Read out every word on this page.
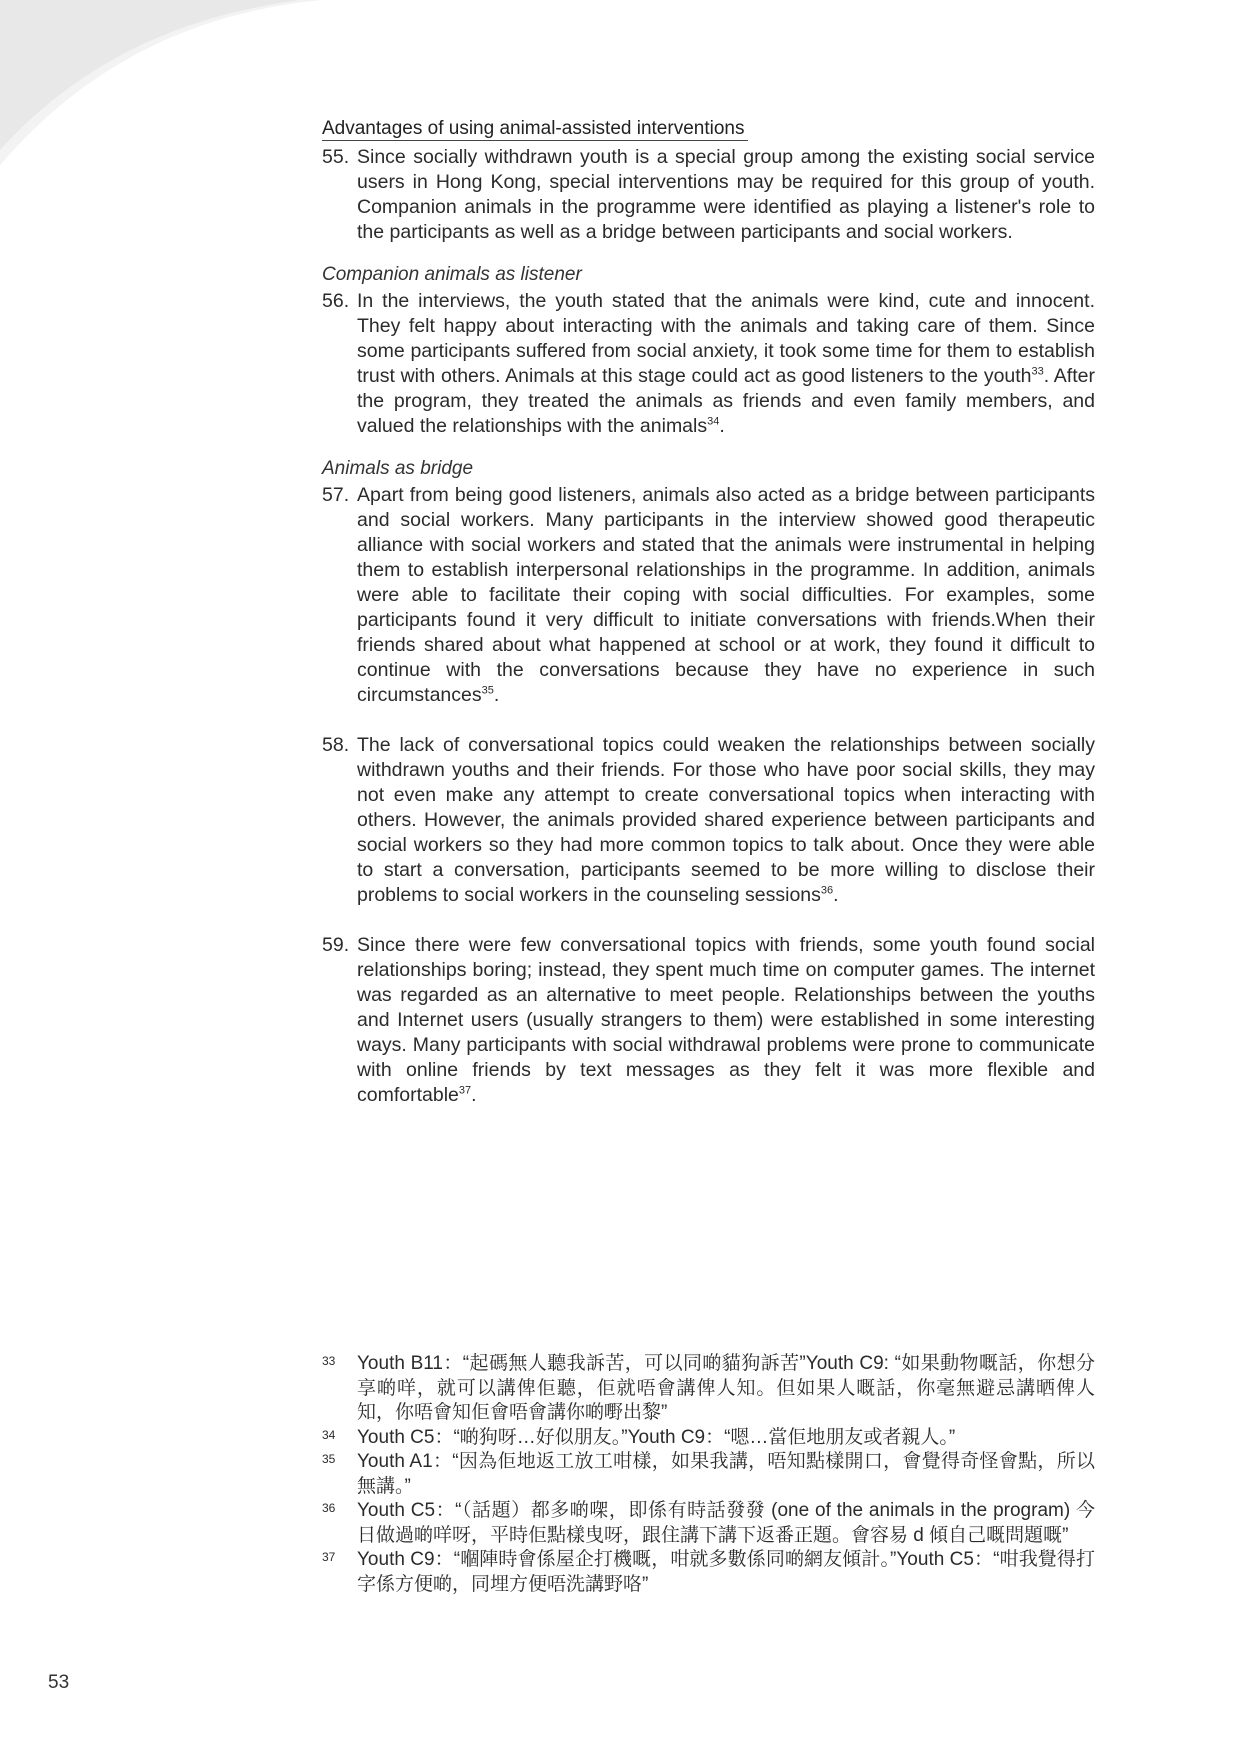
Advantages of using animal-assisted interventions
55. Since socially withdrawn youth is a special group among the existing social service users in Hong Kong, special interventions may be required for this group of youth. Companion animals in the programme were identified as playing a listener's role to the participants as well as a bridge between participants and social workers.
Companion animals as listener
56. In the interviews, the youth stated that the animals were kind, cute and innocent. They felt happy about interacting with the animals and taking care of them. Since some participants suffered from social anxiety, it took some time for them to establish trust with others. Animals at this stage could act as good listeners to the youth$^{33}$. After the program, they treated the animals as friends and even family members, and valued the relationships with the animals$^{34}$.
Animals as bridge
57. Apart from being good listeners, animals also acted as a bridge between participants and social workers. Many participants in the interview showed good therapeutic alliance with social workers and stated that the animals were instrumental in helping them to establish interpersonal relationships in the programme. In addition, animals were able to facilitate their coping with social difficulties. For examples, some participants found it very difficult to initiate conversations with friends.When their friends shared about what happened at school or at work, they found it difficult to continue with the conversations because they have no experience in such circumstances$^{35}$.
58. The lack of conversational topics could weaken the relationships between socially withdrawn youths and their friends. For those who have poor social skills, they may not even make any attempt to create conversational topics when interacting with others. However, the animals provided shared experience between participants and social workers so they had more common topics to talk about. Once they were able to start a conversation, participants seemed to be more willing to disclose their problems to social workers in the counseling sessions$^{36}$.
59. Since there were few conversational topics with friends, some youth found social relationships boring; instead, they spent much time on computer games. The internet was regarded as an alternative to meet people. Relationships between the youths and Internet users (usually strangers to them) were established in some interesting ways. Many participants with social withdrawal problems were prone to communicate with online friends by text messages as they felt it was more flexible and comfortable$^{37}$.
33	Youth B11：“起碼無人聽我訴苦，可以同啲貓狗訴苦”Youth C9: “如果動物嘅話，你想分享啲咩，就可以講俾佢聽，佢就唔會講俾人知。但如果人嘅話，你毫無避忌講晒俾人知，你唔會知佢會唔會講你啲嘢出黎”
34	Youth C5：“啲狗呀…好似朋友。”Youth C9：“嗯…當佢地朋友或者親人。”
35	Youth A1：“因為佢地返工放工咁樣，如果我講，唔知點樣開口，會覺得奇怪會點，所以無講。”
36	Youth C5：“（話題）都多啲㗎，即係有時話發發 (one of the animals in the program) 今日做過啲咩呀，平時佢點樣曳呀，跟住講下講下返番正題。會容易 d 傾自己嘅問題嘅”
37	Youth C9：“嗰陣時會係屋企打機嘅，咁就多數係同啲網友傾計。”Youth C5：“咁我覺得打字係方便啲，同埋方便唔洗講野咯”
53
